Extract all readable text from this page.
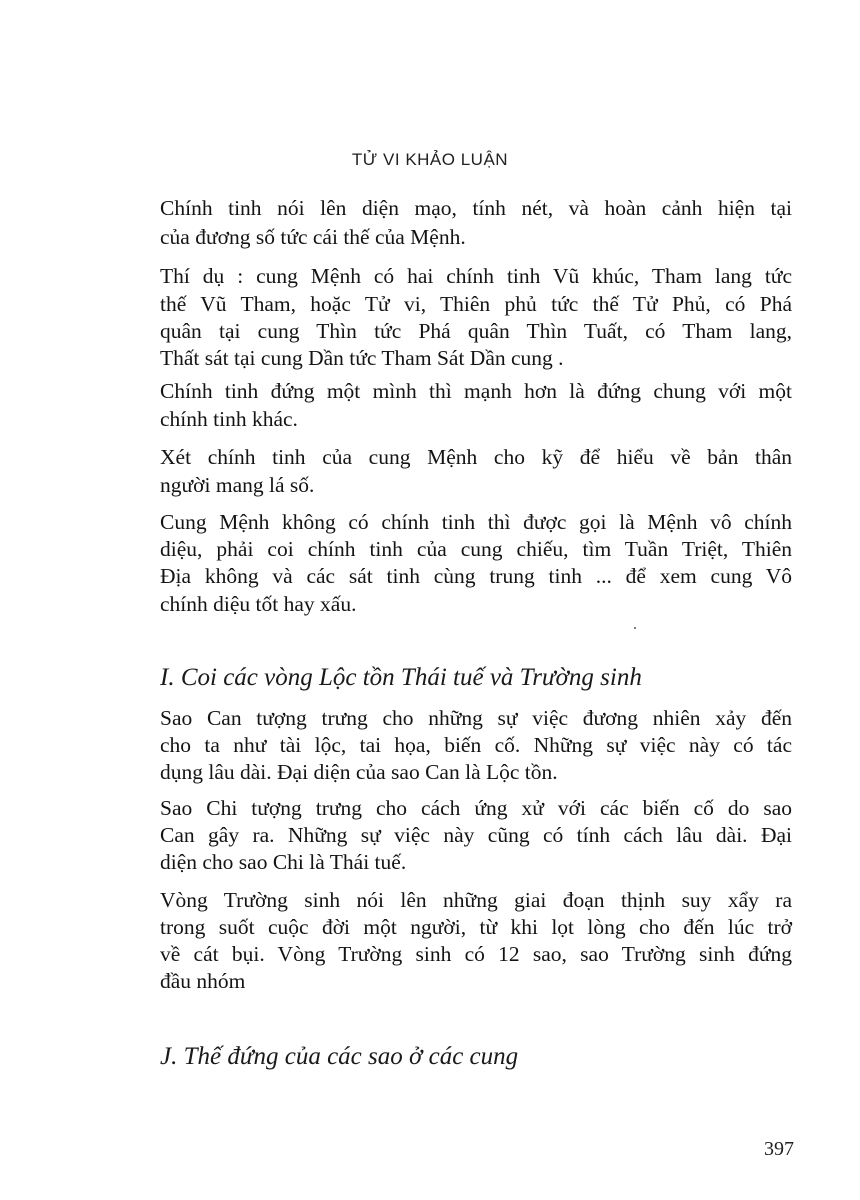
TỬ VI KHẢO LUẬN
Chính tinh nói lên diện mạo, tính nét, và hoàn cảnh hiện tại
của đương số tức cái thế của Mệnh.
Thí dụ : cung Mệnh có hai chính tinh Vũ khúc, Tham lang tức
thế Vũ Tham, hoặc Tử vi, Thiên phủ tức thế Tử Phủ, có Phá
quân tại cung Thìn tức Phá quân Thìn Tuất, có Tham lang,
Thất sát tại cung Dần tức Tham Sát Dần cung .
Chính tinh đứng một mình thì mạnh hơn là đứng chung với một
chính tinh khác.
Xét chính tinh của cung Mệnh cho kỹ để hiểu về bản thân
người mang lá số.
Cung Mệnh không có chính tinh thì được gọi là Mệnh vô chính
diệu, phải coi chính tinh của cung chiếu, tìm Tuần Triệt, Thiên
Địa không và các sát tinh cùng trung tinh ... để xem cung Vô
chính diệu tốt hay xấu.
I. Coi các vòng Lộc tồn Thái tuế và Trường sinh
Sao Can tượng trưng cho những sự việc đương nhiên xảy đến
cho ta như tài lộc, tai họa, biến cố. Những sự việc này có tác
dụng lâu dài. Đại diện của sao Can là Lộc tồn.
Sao Chi tượng trưng cho cách ứng xử với các biến cố do sao
Can gây ra. Những sự việc này cũng có tính cách lâu dài. Đại
diện cho sao Chi là Thái tuế.
Vòng Trường sinh nói lên những giai đoạn thịnh suy xẩy ra
trong suốt cuộc đời một người, từ khi lọt lòng cho đến lúc trở
về cát bụi. Vòng Trường sinh có 12 sao, sao Trường sinh đứng
đầu nhóm
J. Thế đứng của các sao ở các cung
397
